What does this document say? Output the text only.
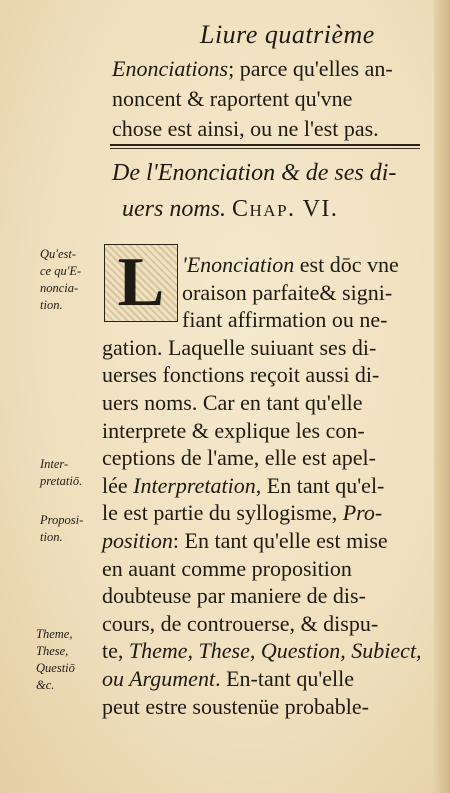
Liure quatrième
Enonciations; parce qu'elles an-
noncent & raportent qu'vne
chose est ainsi, ou ne l'est pas.
De l'Enonciation & de ses di-
uers noms. Chap. VI.
L 'Enonciation est dōc vne
oraison parfaite& signi-
fiant affirmation ou ne-
gation. Laquelle suiuant ses di-
uerses fonctions reçoit aussi di-
uers noms. Car en tant qu'elle
interprete & explique les con-
ceptions de l'ame, elle est apel-
lée Interpretation, En tant qu'el-
le est partie du syllogisme, Pro-
position: En tant qu'elle est mise
en auant comme proposition
doubteuse par maniere de dis-
cours, de controuerse, & dispu-
te, Theme, These, Question, Subiect,
ou Argument. En-tant qu'elle
peut estre soustenüe probable-
Qu'est-
ce qu'E-
noncia-
tion.
Inter-
pretatiō.
Proposi-
tion.
Theme,
These,
Questiō
&c.
